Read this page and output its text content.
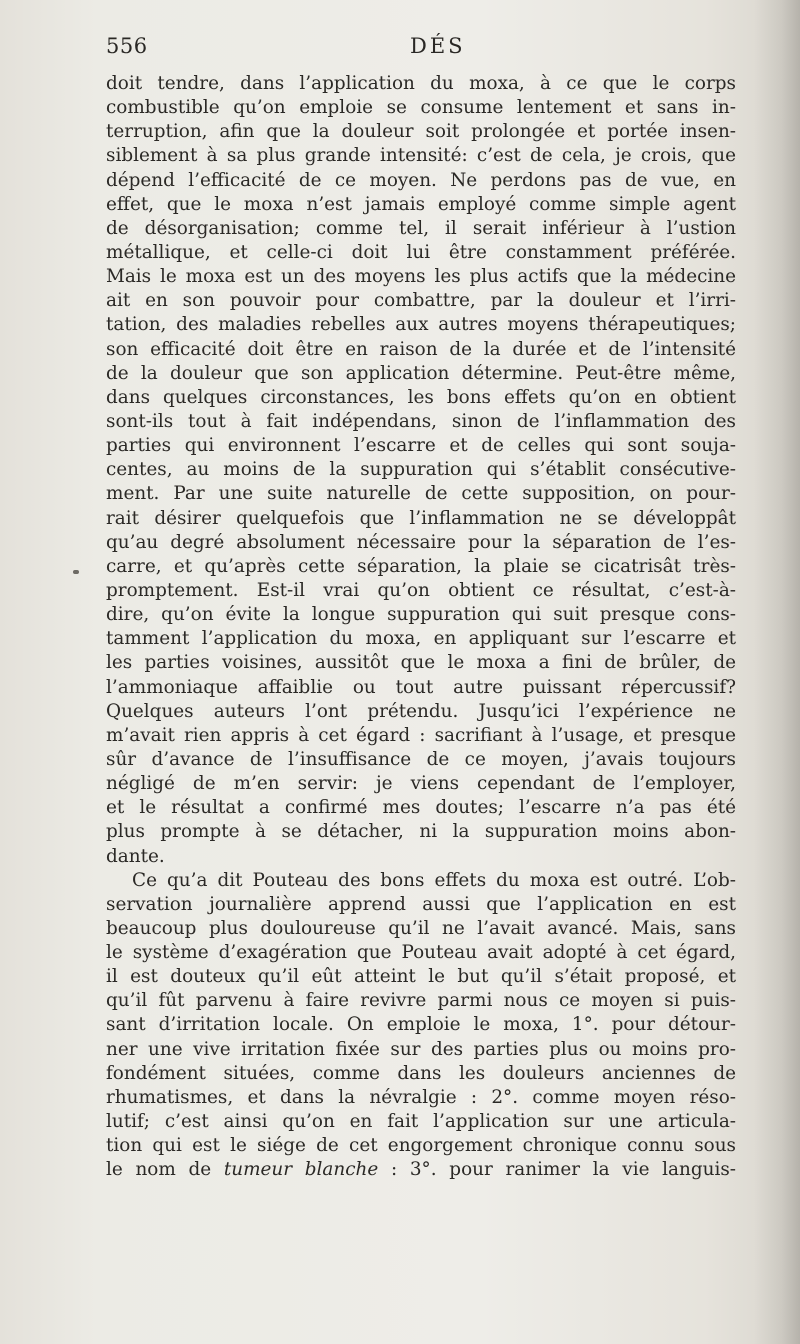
556	DÉS
doit tendre, dans l’application du moxa, à ce que le corps
combustible qu’on emploie se consume lentement et sans in-
terruption, afin que la douleur soit prolongée et portée insen-
siblement à sa plus grande intensité: c’est de cela, je crois, que
dépend l’efficacité de ce moyen. Ne perdons pas de vue, en
effet, que le moxa n’est jamais employé comme simple agent
de désorganisation; comme tel, il serait inférieur à l’ustion
métallique, et celle-ci doit lui être constamment préférée.
Mais le moxa est un des moyens les plus actifs que la médecine
ait en son pouvoir pour combattre, par la douleur et l’irri-
tation, des maladies rebelles aux autres moyens thérapeutiques;
son efficacité doit être en raison de la durée et de l’intensité
de la douleur que son application détermine. Peut-être même,
dans quelques circonstances, les bons effets qu’on en obtient
sont-ils tout à fait indépendans, sinon de l’inflammation des
parties qui environnent l’escarre et de celles qui sont souja-
centes, au moins de la suppuration qui s’établit consécutive-
ment. Par une suite naturelle de cette supposition, on pour-
rait désirer quelquefois que l’inflammation ne se développât
qu’au degré absolument nécessaire pour la séparation de l’es-
carre, et qu’après cette séparation, la plaie se cicatrisât très-
promptement. Est-il vrai qu’on obtient ce résultat, c’est-à-
dire, qu’on évite la longue suppuration qui suit presque cons-
tamment l’application du moxa, en appliquant sur l’escarre et
les parties voisines, aussitôt que le moxa a fini de brûler, de
l’ammoniaque affaiblie ou tout autre puissant répercussif?
Quelques auteurs l’ont prétendu. Jusqu’ici l’expérience ne
m’avait rien appris à cet égard : sacrifiant à l’usage, et presque
sûr d’avance de l’insuffisance de ce moyen, j’avais toujours
négligé de m’en servir: je viens cependant de l’employer,
et le résultat a confirmé mes doutes; l’escarre n’a pas été
plus prompte à se détacher, ni la suppuration moins abon-
dante.
Ce qu’a dit Pouteau des bons effets du moxa est outré. L’ob-
servation journalière apprend aussi que l’application en est
beaucoup plus douloureuse qu’il ne l’avait avancé. Mais, sans
le système d’exagération que Pouteau avait adopté à cet égard,
il est douteux qu’il eût atteint le but qu’il s’était proposé, et
qu’il fût parvenu à faire revivre parmi nous ce moyen si puis-
sant d’irritation locale. On emploie le moxa, 1°. pour détour-
ner une vive irritation fixée sur des parties plus ou moins pro-
fondément situées, comme dans les douleurs anciennes de
rhumatismes, et dans la névralgie : 2°. comme moyen réso-
lutif; c’est ainsi qu’on en fait l’application sur une articula-
tion qui est le siége de cet engorgement chronique connu sous
le nom de tumeur blanche : 3°. pour ranimer la vie languis-
